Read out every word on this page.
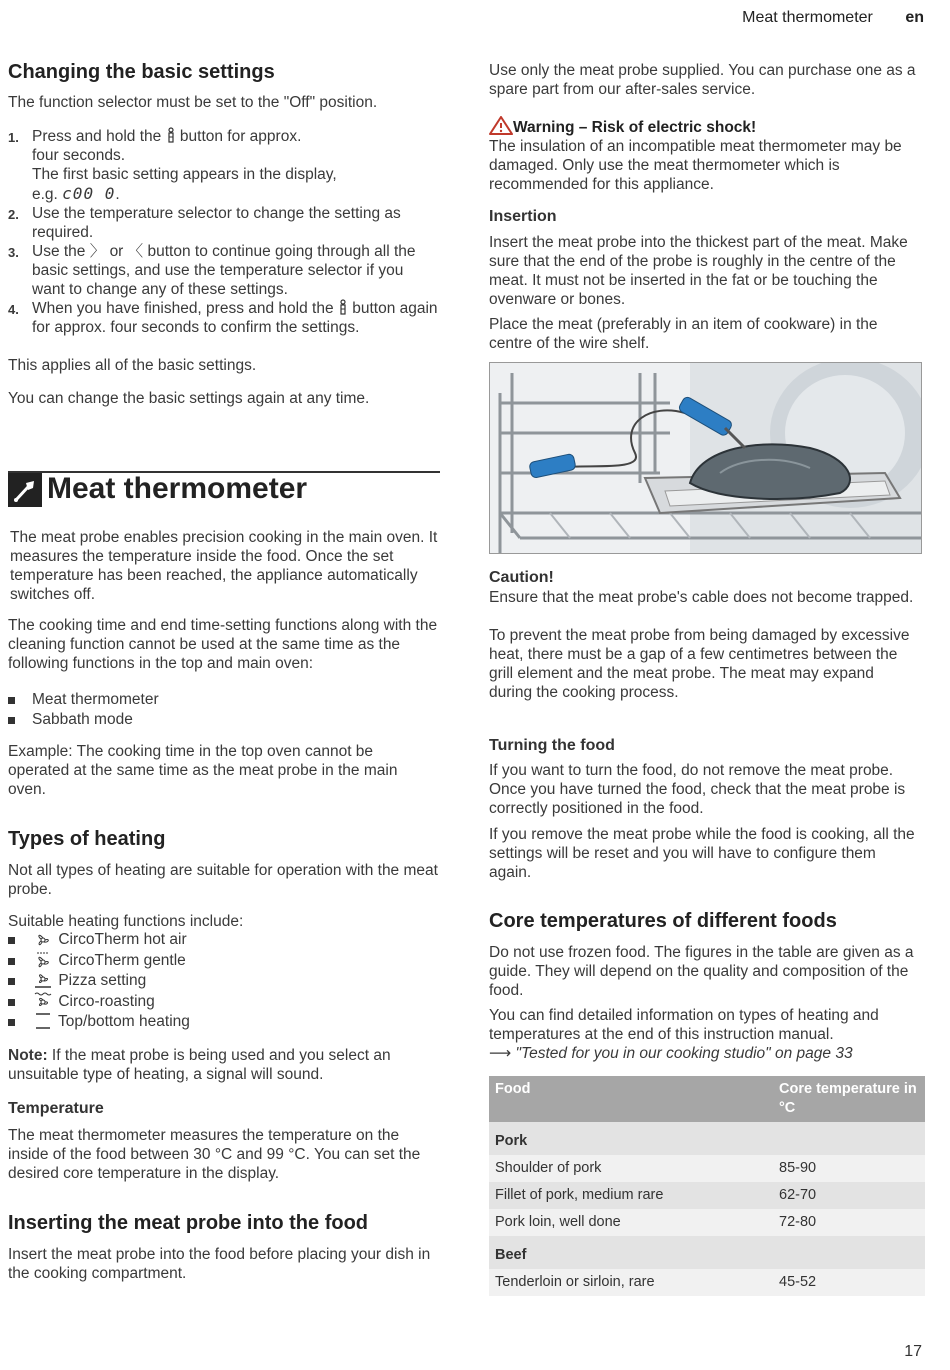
Meat thermometer en
Changing the basic settings

The function selector must be set to the "Off" position.

1. Press and hold the button for approx.
four seconds.
The first basic setting appears in the display,
e.g. c00 0.
2. Use the temperature selector to change the setting as required.
3. Use the 〉 or 〈 button to continue going through all the basic settings, and use the temperature selector if you want to change any of these settings.
4. When you have finished, press and hold the button again for approx. four seconds to confirm the settings.

This applies all of the basic settings.

You can change the basic settings again at any time.

Meat thermometer

The meat probe enables precision cooking in the main oven. It measures the temperature inside the food. Once the set temperature has been reached, the appliance automatically switches off.

The cooking time and end time-setting functions along with the cleaning function cannot be used at the same time as the following functions in the top and main oven:

Meat thermometer
Sabbath mode

Example: The cooking time in the top oven cannot be operated at the same time as the meat probe in the main oven.

Types of heating

Not all types of heating are suitable for operation with the meat probe.

Suitable heating functions include:

CircoTherm hot air
CircoTherm gentle
Pizza setting
Circo-roasting
Top/bottom heating

Note: If the meat probe is being used and you select an unsuitable type of heating, a signal will sound.

Temperature

The meat thermometer measures the temperature on the inside of the food between 30 °C and 99 °C. You can set the desired core temperature in the display.

Inserting the meat probe into the food

Insert the meat probe into the food before placing your dish in the cooking compartment.

Use only the meat probe supplied. You can purchase one as a spare part from our after-sales service.

Warning – Risk of electric shock!
The insulation of an incompatible meat thermometer may be damaged. Only use the meat thermometer which is recommended for this appliance.
Insertion

Insert the meat probe into the thickest part of the meat. Make sure that the end of the probe is roughly in the centre of the meat. It must not be inserted in the fat or be touching the ovenware or bones.

Place the meat (preferably in an item of cookware) in the centre of the wire shelf.

Caution!

Ensure that the meat probe's cable does not become trapped.

To prevent the meat probe from being damaged by excessive heat, there must be a gap of a few centimetres between the grill element and the meat probe. The meat may expand during the cooking process.

Turning the food

If you want to turn the food, do not remove the meat probe. Once you have turned the food, check that the meat probe is correctly positioned in the food.

If you remove the meat probe while the food is cooking, all the settings will be reset and you will have to configure them again.

Core temperatures of different foods

Do not use frozen food. The figures in the table are given as a guide. They will depend on the quality and composition of the food.

You can find detailed information on types of heating and temperatures at the end of this instruction manual.
⟶ "Tested for you in our cooking studio" on page 33

Food	Core temperature in °C
Pork	
Shoulder of pork	85-90
Fillet of pork, medium rare	62-70
Pork loin, well done	72-80
Beef	
Tenderloin or sirloin, rare	45-52
17
